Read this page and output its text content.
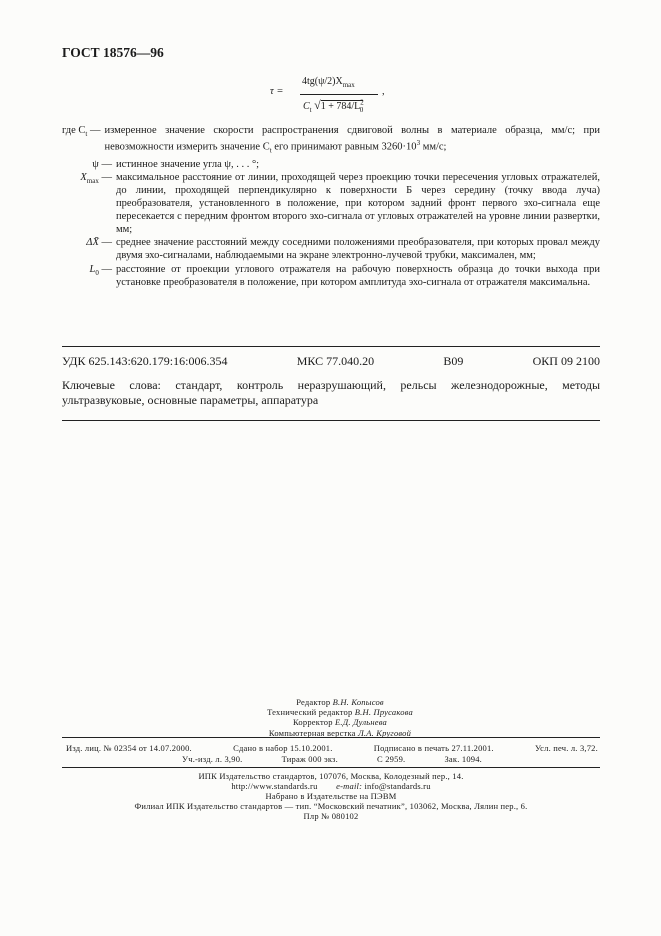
ГОСТ 18576—96
τ =
$4tg(\psi/2)X_{max}$
$C_t$ $√1 + 784/L^2_0$
,
где $C_t$ — измеренное значение скорости распространения сдвиговой волны в материале образца, мм/с; при невозможности измерить значение $C_t$ его принимают равным $3260\cdot 10^3$ мм/с;
ψ — истинное значение угла ψ, . . . °;
$X_{max}$ — максимальное расстояние от линии, проходящей через проекцию точки пересечения угловых отражателей, до линии, проходящей перпендикулярно к поверхности Б через середину (точку ввода луча) преобразователя, установленного в положение, при котором задний фронт первого эхо-сигнала еще пересекается с передним фронтом второго эхо-сигнала от угловых отражателей на уровне линии развертки, мм;
ΔX̄ — среднее значение расстояний между соседними положениями преобразователя, при которых провал между двумя эхо-сигналами, наблюдаемыми на экране электронно-лучевой трубки, максимален, мм;
$L_0$ — расстояние от проекции углового отражателя на рабочую поверхность образца до точки выхода при установке преобразователя в положение, при котором амплитуда эхо-сигнала от отражателя максимальна.
УДК 625.143:620.179:16:006.354	МКС 77.040.20	В09	ОКП 09 2100
Ключевые слова: стандарт, контроль неразрушающий, рельсы железнодорожные, методы ультразвуковые, основные параметры, аппаратура
Редактор В.Н. Копысов
Технический редактор В.Н. Прусакова
Корректор Е.Д. Дульнева
Компьютерная верстка Л.А. Круговой
Изд. лиц. № 02354 от 14.07.2000.	Сдано в набор 15.10.2001.	Подписано в печать 27.11.2001.	Усл. печ. л. 3,72.
Уч.-изд. л. 3,90.	Тираж 000 экз.	С 2959.	Зак. 1094.
ИПК Издательство стандартов, 107076, Москва, Колодезный пер., 14.
http://www.standards.ru e-mail: info@standards.ru
Набрано в Издательстве на ПЭВМ
Филиал ИПК Издательство стандартов — тип. “Московский печатник”, 103062, Москва, Лялин пер., 6.
Плр № 080102
